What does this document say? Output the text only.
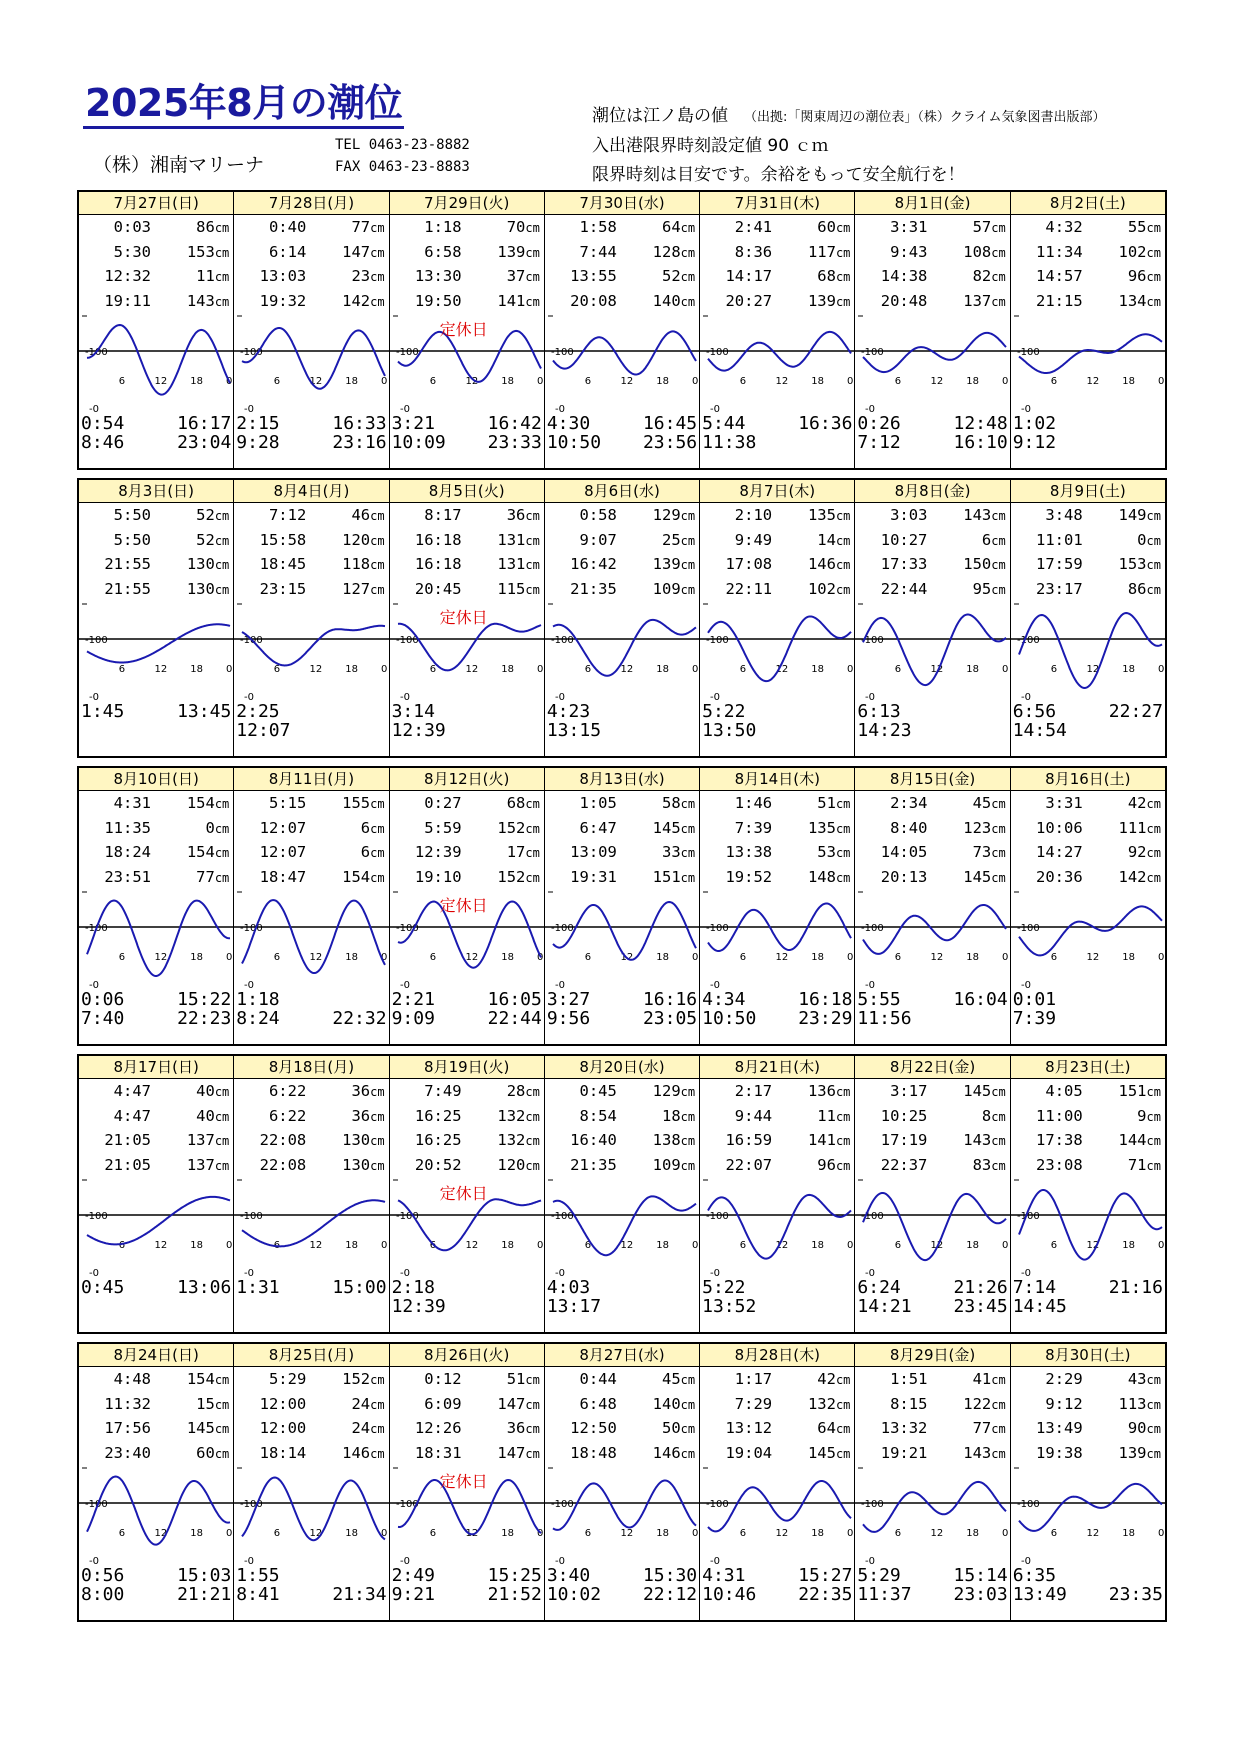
2025年8月の潮位
（株）湘南マリーナ
TEL 0463-23-8882
FAX 0463-23-8883
潮位は江ノ島の値 （出拠:「関東周辺の潮位表」（株）クライム気象図書出版部）
入出港限界時刻設定値 90 ｃｍ
限界時刻は目安です。余裕をもって安全航行を！
7月27日(日)
0:03	86cm
5:30	153cm
12:32	11cm
19:11	143cm
-100
-0
6	12 18 0
0:54	16:17
8:46	23:04
7月28日(月)
0:40	77cm
6:14	147cm
13:03	23cm
19:32	142cm
-100
-0
6	12 18 0
2:15	16:33
9:28	23:16
7月29日(火)
1:18	70cm
6:58	139cm
13:30	37cm
19:50	141cm
-100
-0
6	12 18 0
定休日
3:21	16:42
10:09 23:33
7月30日(水)
1:58	64cm
7:44	128cm
13:55	52cm
20:08	140cm
-100
-0
6	12 18 0
4:30	16:45
10:50 23:56
7月31日(木)
2:41	60cm
8:36	117cm
14:17	68cm
20:27	139cm
-100
-0
6	12 18 0
5:44	16:36
11:38
8月1日(金)
3:31	57cm
9:43	108cm
14:38	82cm
20:48	137cm
-100
-0
6	12 18 0
0:26	12:48
7:12	16:10
8月2日(土)
4:32	55cm
11:34	102cm
14:57	96cm
21:15	134cm
-100
-0
6	12 18 0
1:02
9:12
8月3日(日)
5:50	52cm
5:50	52cm
21:55	130cm
21:55	130cm
-100
-0
6	12 18 0
1:45	13:45
8月4日(月)
7:12	46cm
15:58	120cm
18:45	118cm
23:15	127cm
-100
-0
6	12 18 0
2:25
12:07
8月5日(火)
8:17	36cm
16:18	131cm
16:18	131cm
20:45	115cm
-100
-0
6	12 18 0
定休日
3:14
12:39
8月6日(水)
0:58	129cm
9:07	25cm
16:42	139cm
21:35	109cm
-100
-0
6	12 18 0
4:23
13:15
8月7日(木)
2:10	135cm
9:49	14cm
17:08	146cm
22:11	102cm
-100
-0
6	12 18 0
5:22
13:50
8月8日(金)
3:03	143cm
10:27	6cm
17:33	150cm
22:44	95cm
-100
-0
6	12 18 0
6:13
14:23
8月9日(土)
3:48	149cm
11:01	0cm
17:59	153cm
23:17	86cm
-100
-0
6	12 18 0
6:56	22:27
14:54
8月10日(日)
4:31	154cm
11:35	0cm
18:24	154cm
23:51	77cm
-100
-0
6	12 18 0
0:06	15:22
7:40	22:23
8月11日(月)
5:15	155cm
12:07	6cm
12:07	6cm
18:47	154cm
-100
-0
6	12 18 0
1:18
8:24	22:32
8月12日(火)
0:27	68cm
5:59	152cm
12:39	17cm
19:10	152cm
-100
-0
6	12 18 0
定休日
2:21	16:05
9:09	22:44
8月13日(水)
1:05	58cm
6:47	145cm
13:09	33cm
19:31	151cm
-100
-0
6	12 18 0
3:27	16:16
9:56	23:05
8月14日(木)
1:46	51cm
7:39	135cm
13:38	53cm
19:52	148cm
-100
-0
6	12 18 0
4:34	16:18
10:50 23:29
8月15日(金)
2:34	45cm
8:40	123cm
14:05	73cm
20:13	145cm
-100
-0
6	12 18 0
5:55	16:04
11:56
8月16日(土)
3:31	42cm
10:06	111cm
14:27	92cm
20:36	142cm
-100
-0
6	12 18 0
0:01
7:39
8月17日(日)
4:47	40cm
4:47	40cm
21:05	137cm
21:05	137cm
-100
-0
6	12 18 0
0:45	13:06
8月18日(月)
6:22	36cm
6:22	36cm
22:08	130cm
22:08	130cm
-100
-0
6	12 18 0
1:31	15:00
8月19日(火)
7:49	28cm
16:25	132cm
16:25	132cm
20:52	120cm
-100
-0
6	12 18 0
定休日
2:18
12:39
8月20日(水)
0:45	129cm
8:54	18cm
16:40	138cm
21:35	109cm
-100
-0
6	12 18 0
4:03
13:17
8月21日(木)
2:17	136cm
9:44	11cm
16:59	141cm
22:07	96cm
-100
-0
6	12 18 0
5:22
13:52
8月22日(金)
3:17	145cm
10:25	8cm
17:19	143cm
22:37	83cm
-100
-0
6	12 18 0
6:24	21:26
14:21 23:45
8月23日(土)
4:05	151cm
11:00	9cm
17:38	144cm
23:08	71cm
-100
-0
6	12 18 0
7:14	21:16
14:45
8月24日(日)
4:48	154cm
11:32	15cm
17:56	145cm
23:40	60cm
-100
-0
6	12 18 0
0:56	15:03
8:00	21:21
8月25日(月)
5:29	152cm
12:00	24cm
12:00	24cm
18:14	146cm
-100
-0
6	12 18 0
1:55
8:41	21:34
8月26日(火)
0:12	51cm
6:09	147cm
12:26	36cm
18:31	147cm
-100
-0
6	12 18 0
定休日
2:49	15:25
9:21	21:52
8月27日(水)
0:44	45cm
6:48	140cm
12:50	50cm
18:48	146cm
-100
-0
6	12 18 0
3:40	15:30
10:02 22:12
8月28日(木)
1:17	42cm
7:29	132cm
13:12	64cm
19:04	145cm
-100
-0
6	12 18 0
4:31	15:27
10:46 22:35
8月29日(金)
1:51	41cm
8:15	122cm
13:32	77cm
19:21	143cm
-100
-0
6	12 18 0
5:29	15:14
11:37 23:03
8月30日(土)
2:29	43cm
9:12	113cm
13:49	90cm
19:38	139cm
-100
-0
6	12 18 0
6:35
13:49 23:35
